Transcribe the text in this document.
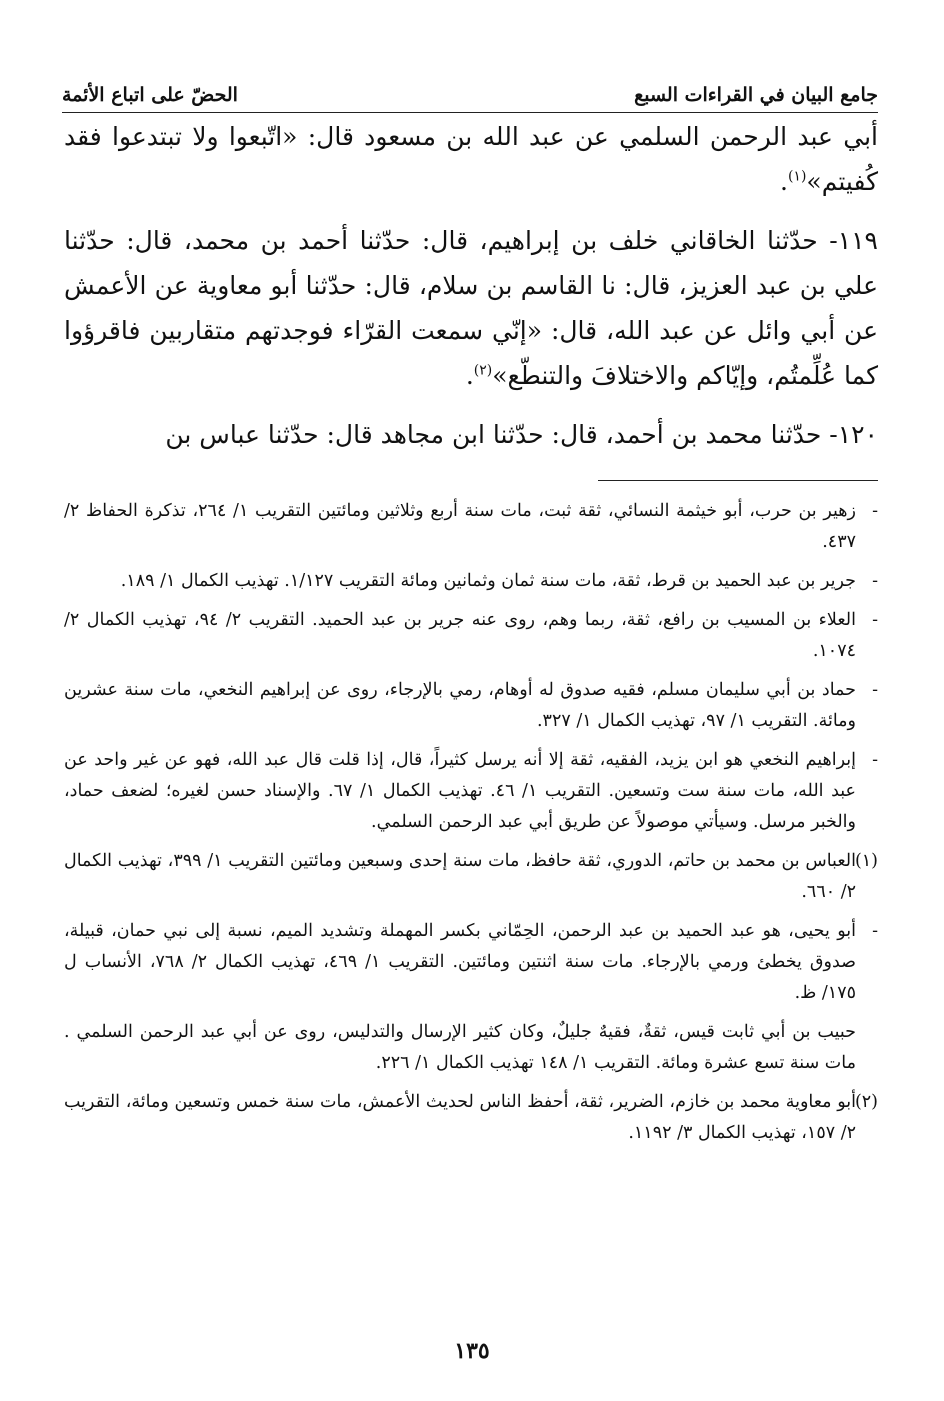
جامع البيان في القراءات السبع
الحضّ على اتباع الأئمة

أبي عبد الرحمن السلمي عن عبد الله بن مسعود قال: «اتّبعوا ولا تبتدعوا فقد كُفيتم»$^{(١)}$.

١١٩- حدّثنا الخاقاني خلف بن إبراهيم، قال: حدّثنا أحمد بن محمد، قال: حدّثنا علي بن عبد العزيز، قال: نا القاسم بن سلام، قال: حدّثنا أبو معاوية عن الأعمش عن أبي وائل عن عبد الله، قال: «إنّي سمعت القرّاء فوجدتهم متقاربين فاقرؤوا كما عُلِّمتُم، وإيّاكم والاختلافَ والتنطّع»$^{(٢)}$.

١٢٠- حدّثنا محمد بن أحمد، قال: حدّثنا ابن مجاهد قال: حدّثنا عباس بن

-
زهير بن حرب، أبو خيثمة النسائي، ثقة ثبت، مات سنة أربع وثلاثين ومائتين التقريب ١/ ٢٦٤، تذكرة الحفاظ ٢/ ٤٣٧.
-
جرير بن عبد الحميد بن قرط، ثقة، مات سنة ثمان وثمانين ومائة التقريب ١/١٢٧. تهذيب الكمال ١/ ١٨٩.
-
العلاء بن المسيب بن رافع، ثقة، ربما وهم، روى عنه جرير بن عبد الحميد. التقريب ٢/ ٩٤، تهذيب الكمال ٢/ ١٠٧٤.
-
حماد بن أبي سليمان مسلم، فقيه صدوق له أوهام، رمي بالإرجاء، روى عن إبراهيم النخعي، مات سنة عشرين ومائة. التقريب ١/ ٩٧، تهذيب الكمال ١/ ٣٢٧.
-
إبراهيم النخعي هو ابن يزيد، الفقيه، ثقة إلا أنه يرسل كثيراً، قال، إذا قلت قال عبد الله، فهو عن غير واحد عن عبد الله، مات سنة ست وتسعين. التقريب ١/ ٤٦. تهذيب الكمال ١/ ٦٧. والإسناد حسن لغيره؛ لضعف حماد، والخبر مرسل. وسيأتي موصولاً عن طريق أبي عبد الرحمن السلمي.
(١)
العباس بن محمد بن حاتم، الدوري، ثقة حافظ، مات سنة إحدى وسبعين ومائتين التقريب ١/ ٣٩٩، تهذيب الكمال ٢/ ٦٦٠.
-
أبو يحيى، هو عبد الحميد بن عبد الرحمن، الحِمّاني بكسر المهملة وتشديد الميم، نسبة إلى نبي حمان، قبيلة، صدوق يخطئ ورمي بالإرجاء. مات سنة اثنتين ومائتين. التقريب ١/ ٤٦٩، تهذيب الكمال ٢/ ٧٦٨، الأنساب ل ١٧٥/ ظ.
حبيب بن أبي ثابت قيس، ثقةٌ، فقيهٌ جليلٌ، وكان كثير الإرسال والتدليس، روى عن أبي عبد الرحمن السلمي . مات سنة تسع عشرة ومائة. التقريب ١/ ١٤٨ تهذيب الكمال ١/ ٢٢٦.
(٢)
أبو معاوية محمد بن خازم، الضرير، ثقة، أحفظ الناس لحديث الأعمش، مات سنة خمس وتسعين ومائة، التقريب ٢/ ١٥٧، تهذيب الكمال ٣/ ١١٩٢.
١٣٥
